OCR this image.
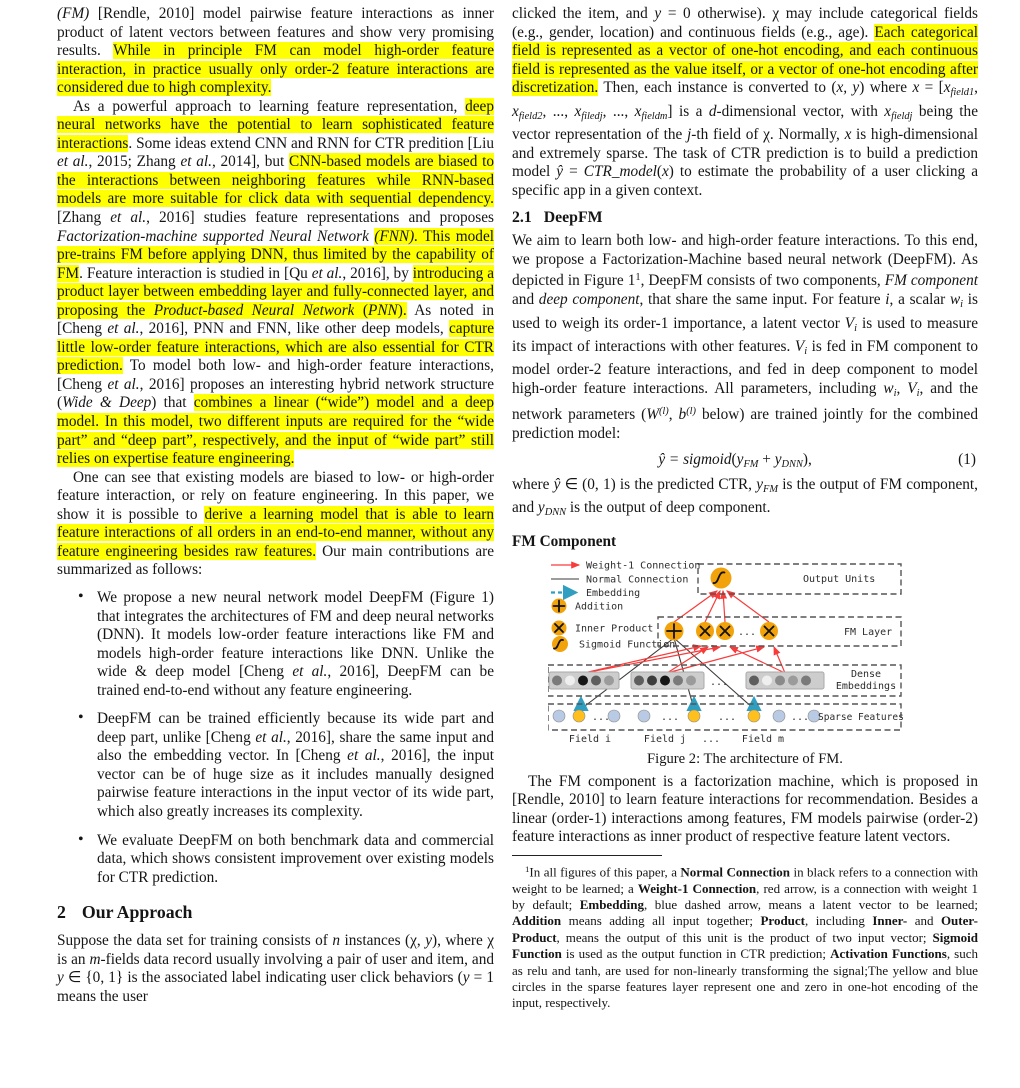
(FM) [Rendle, 2010] model pairwise feature interactions as inner product of latent vectors between features and show very promising results. While in principle FM can model high-order feature interaction, in practice usually only order-2 feature interactions are considered due to high complexity.

As a powerful approach to learning feature representation, deep neural networks have the potential to learn sophisticated feature interactions. Some ideas extend CNN and RNN for CTR predition [Liu et al., 2015; Zhang et al., 2014], but CNN-based models are biased to the interactions between neighboring features while RNN-based models are more suitable for click data with sequential dependency. [Zhang et al., 2016] studies feature representations and proposes Factorization-machine supported Neural Network (FNN). This model pre-trains FM before applying DNN, thus limited by the capability of FM. Feature interaction is studied in [Qu et al., 2016], by introducing a product layer between embedding layer and fully-connected layer, and proposing the Product-based Neural Network (PNN). As noted in [Cheng et al., 2016], PNN and FNN, like other deep models, capture little low-order feature interactions, which are also essential for CTR prediction. To model both low- and high-order feature interactions, [Cheng et al., 2016] proposes an interesting hybrid network structure (Wide & Deep) that combines a linear (“wide”) model and a deep model. In this model, two different inputs are required for the “wide part” and “deep part”, respectively, and the input of “wide part” still relies on expertise feature engineering.

One can see that existing models are biased to low- or high-order feature interaction, or rely on feature engineering. In this paper, we show it is possible to derive a learning model that is able to learn feature interactions of all orders in an end-to-end manner, without any feature engineering besides raw features. Our main contributions are summarized as follows:

• We propose a new neural network model DeepFM (Figure 1) that integrates the architectures of FM and deep neural networks (DNN). It models low-order feature interactions like FM and models high-order feature interactions like DNN. Unlike the wide & deep model [Cheng et al., 2016], DeepFM can be trained end-to-end without any feature engineering.
• DeepFM can be trained efficiently because its wide part and deep part, unlike [Cheng et al., 2016], share the same input and also the embedding vector. In [Cheng et al., 2016], the input vector can be of huge size as it includes manually designed pairwise feature interactions in the input vector of its wide part, which also greatly increases its complexity.
• We evaluate DeepFM on both benchmark data and commercial data, which shows consistent improvement over existing models for CTR prediction.
2 Our Approach

Suppose the data set for training consists of n instances (χ, y), where χ is an m-fields data record usually involving a pair of user and item, and y ∈ {0, 1} is the associated label indicating user click behaviors (y = 1 means the user

clicked the item, and y = 0 otherwise). χ may include categorical fields (e.g., gender, location) and continuous fields (e.g., age). Each categorical field is represented as a vector of one-hot encoding, and each continuous field is represented as the value itself, or a vector of one-hot encoding after discretization. Then, each instance is converted to (x, y) where x = [xfield1, xfield2, ..., xfiledj, ..., xfieldm] is a d-dimensional vector, with xfieldj being the vector representation of the j-th field of χ. Normally, x is high-dimensional and extremely sparse. The task of CTR prediction is to build a prediction model ŷ = CTR_model(x) to estimate the probability of a user clicking a specific app in a given context.

2.1 DeepFM

We aim to learn both low- and high-order feature interactions. To this end, we propose a Factorization-Machine based neural network (DeepFM). As depicted in Figure $1^1$, DeepFM consists of two components, FM component and deep component, that share the same input. For feature i, a scalar wi is used to weigh its order-1 importance, a latent vector Vi is used to measure its impact of interactions with other features. Vi is fed in FM component to model order-2 feature interactions, and fed in deep component to model high-order feature interactions. All parameters, including wi, Vi, and the network parameters ($W^{(l)}$, $b^{(l)}$ below) are trained jointly for the combined prediction model:

ŷ = sigmoid(yFM + yDNN),	(1)

where ŷ ∈ (0, 1) is the predicted CTR, yFM is the output of FM component, and yDNN is the output of deep component.

FM Component
...
...	...	...	...
...
Weight-1 Connection
Normal Connection
Embedding
Addition
Inner Product
Sigmoid Function
Output Units
FM Layer
Dense
Embeddings
Sparse Features
Field i	Field j ... Field m
Figure 2: The architecture of FM.

The FM component is a factorization machine, which is proposed in [Rendle, 2010] to learn feature interactions for recommendation. Besides a linear (order-1) interactions among features, FM models pairwise (order-2) feature interactions as inner product of respective feature latent vectors.

$^1$In all figures of this paper, a Normal Connection in black refers to a connection with weight to be learned; a Weight-1 Connection, red arrow, is a connection with weight 1 by default; Embedding, blue dashed arrow, means a latent vector to be learned; Addition means adding all input together; Product, including Inner- and Outer-Product, means the output of this unit is the product of two input vector; Sigmoid Function is used as the output function in CTR prediction; Activation Functions, such as relu and tanh, are used for non-linearly transforming the signal;The yellow and blue circles in the sparse features layer represent one and zero in one-hot encoding of the input, respectively.
